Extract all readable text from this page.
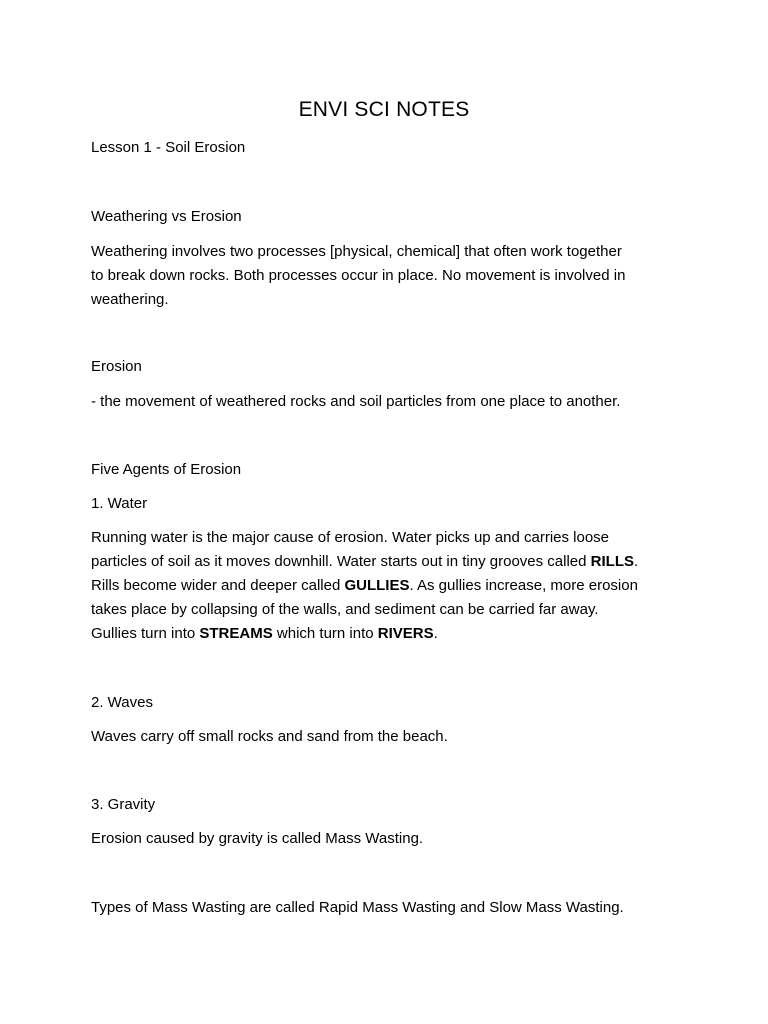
ENVI SCI NOTES
Lesson 1 - Soil Erosion
Weathering vs Erosion
Weathering involves two processes [physical, chemical] that often work together
to break down rocks. Both processes occur in place. No movement is involved in
weathering.
Erosion
- the movement of weathered rocks and soil particles from one place to another.
Five Agents of Erosion
1. Water
Running water is the major cause of erosion. Water picks up and carries loose
particles of soil as it moves downhill. Water starts out in tiny grooves called RILLS.
Rills become wider and deeper called GULLIES. As gullies increase, more erosion
takes place by collapsing of the walls, and sediment can be carried far away.
Gullies turn into STREAMS which turn into RIVERS.
2. Waves
Waves carry off small rocks and sand from the beach.
3. Gravity
Erosion caused by gravity is called Mass Wasting.
Types of Mass Wasting are called Rapid Mass Wasting and Slow Mass Wasting.
